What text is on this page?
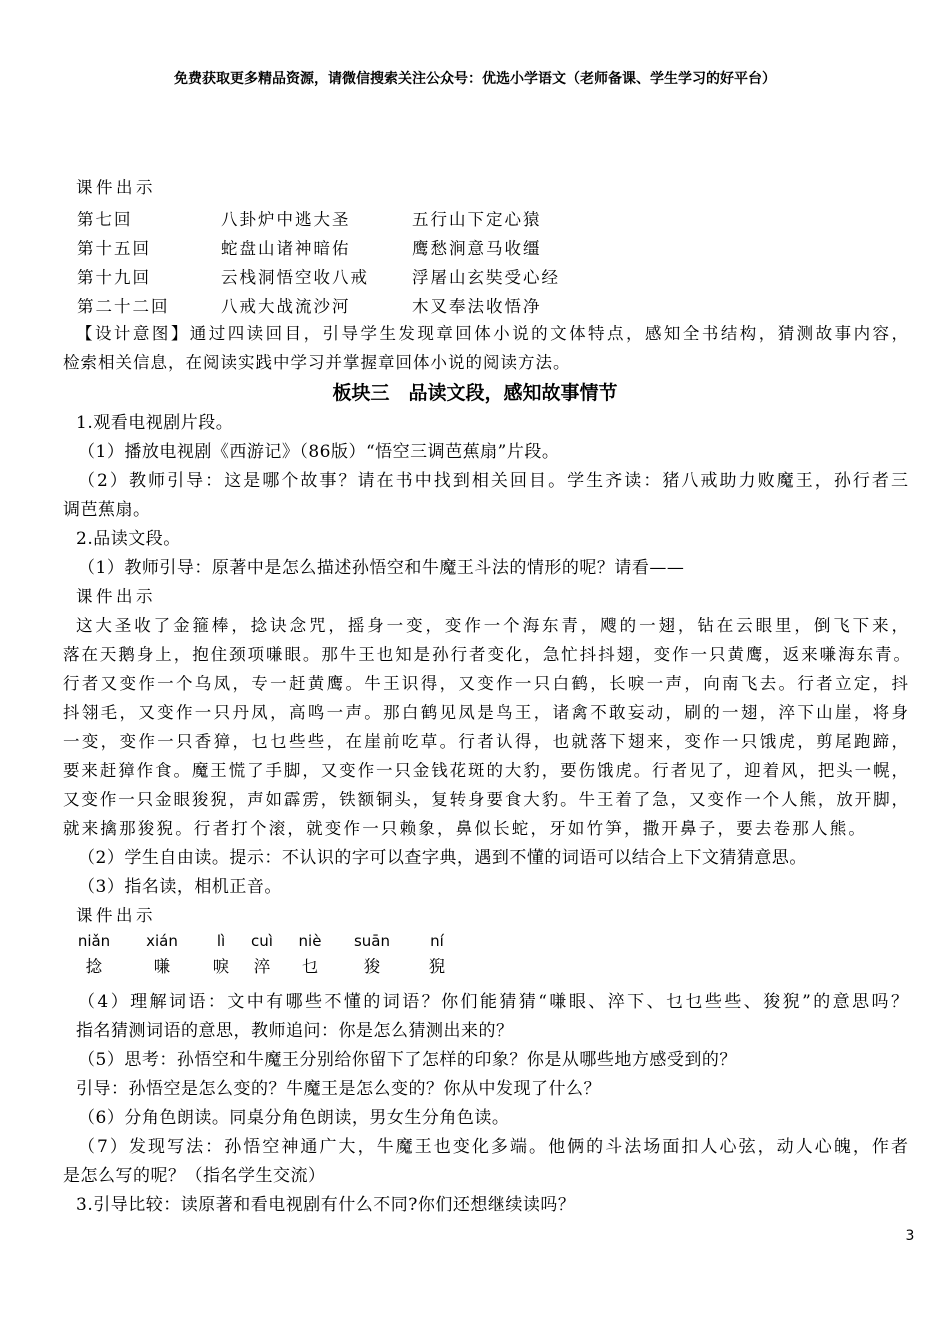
免费获取更多精品资源，请微信搜索关注公众号：优选小学语文（老师备课、学生学习的好平台）
课件出示
第七回	八卦炉中逃大圣	五行山下定心猿
第十五回	蛇盘山诸神暗佑	鹰愁涧意马收缰
第十九回	云栈洞悟空收八戒	浮屠山玄奘受心经
第二十二回	八戒大战流沙河	木叉奉法收悟净
【设计意图】通过四读回目，引导学生发现章回体小说的文体特点，感知全书结构，猜测故事内容，
检索相关信息，在阅读实践中学习并掌握章回体小说的阅读方法。
板块三　品读文段，感知故事情节
1.观看电视剧片段。
（1）播放电视剧《西游记》（86版）“悟空三调芭蕉扇”片段。
（2）教师引导：这是哪个故事？请在书中找到相关回目。学生齐读：猪八戒助力败魔王，孙行者三
调芭蕉扇。
2.品读文段。
（1）教师引导：原著中是怎么描述孙悟空和牛魔王斗法的情形的呢？请看——
课件出示
这大圣收了金箍棒，捻诀念咒，摇身一变，变作一个海东青，飕的一翅，钻在云眼里，倒飞下来，
落在天鹅身上，抱住颈项嗛眼。那牛王也知是孙行者变化，急忙抖抖翅，变作一只黄鹰，返来嗛海东青。
行者又变作一个乌凤，专一赶黄鹰。牛王识得，又变作一只白鹤，长唳一声，向南飞去。行者立定，抖
抖翎毛，又变作一只丹凤，高鸣一声。那白鹤见凤是鸟王，诸禽不敢妄动，刷的一翅，淬下山崖，将身
一变，变作一只香獐，乜乜些些，在崖前吃草。行者认得，也就落下翅来，变作一只饿虎，剪尾跑蹄，
要来赶獐作食。魔王慌了手脚，又变作一只金钱花斑的大豹，要伤饿虎。行者见了，迎着风，把头一幌，
又变作一只金眼狻猊，声如霹雳，铁额铜头，复转身要食大豹。牛王着了急，又变作一个人熊，放开脚，
就来擒那狻猊。行者打个滚，就变作一只赖象，鼻似长蛇，牙如竹笋，撒开鼻子，要去卷那人熊。
（2）学生自由读。提示：不认识的字可以查字典，遇到不懂的词语可以结合上下文猜猜意思。
（3）指名读，相机正音。
课件出示
niǎn	xián	lì	cuì	niè	suān	ní
捻	嗛	唳	淬	乜	狻	猊
（4）理解词语：文中有哪些不懂的词语？你们能猜猜“嗛眼、淬下、乜乜些些、狻猊”的意思吗？
指名猜测词语的意思，教师追问：你是怎么猜测出来的？
（5）思考：孙悟空和牛魔王分别给你留下了怎样的印象？你是从哪些地方感受到的？
引导：孙悟空是怎么变的？牛魔王是怎么变的？你从中发现了什么？
（6）分角色朗读。同桌分角色朗读，男女生分角色读。
（7）发现写法：孙悟空神通广大，牛魔王也变化多端。他俩的斗法场面扣人心弦，动人心魄，作者
是怎么写的呢？（指名学生交流）
3.引导比较：读原著和看电视剧有什么不同?你们还想继续读吗？
3
